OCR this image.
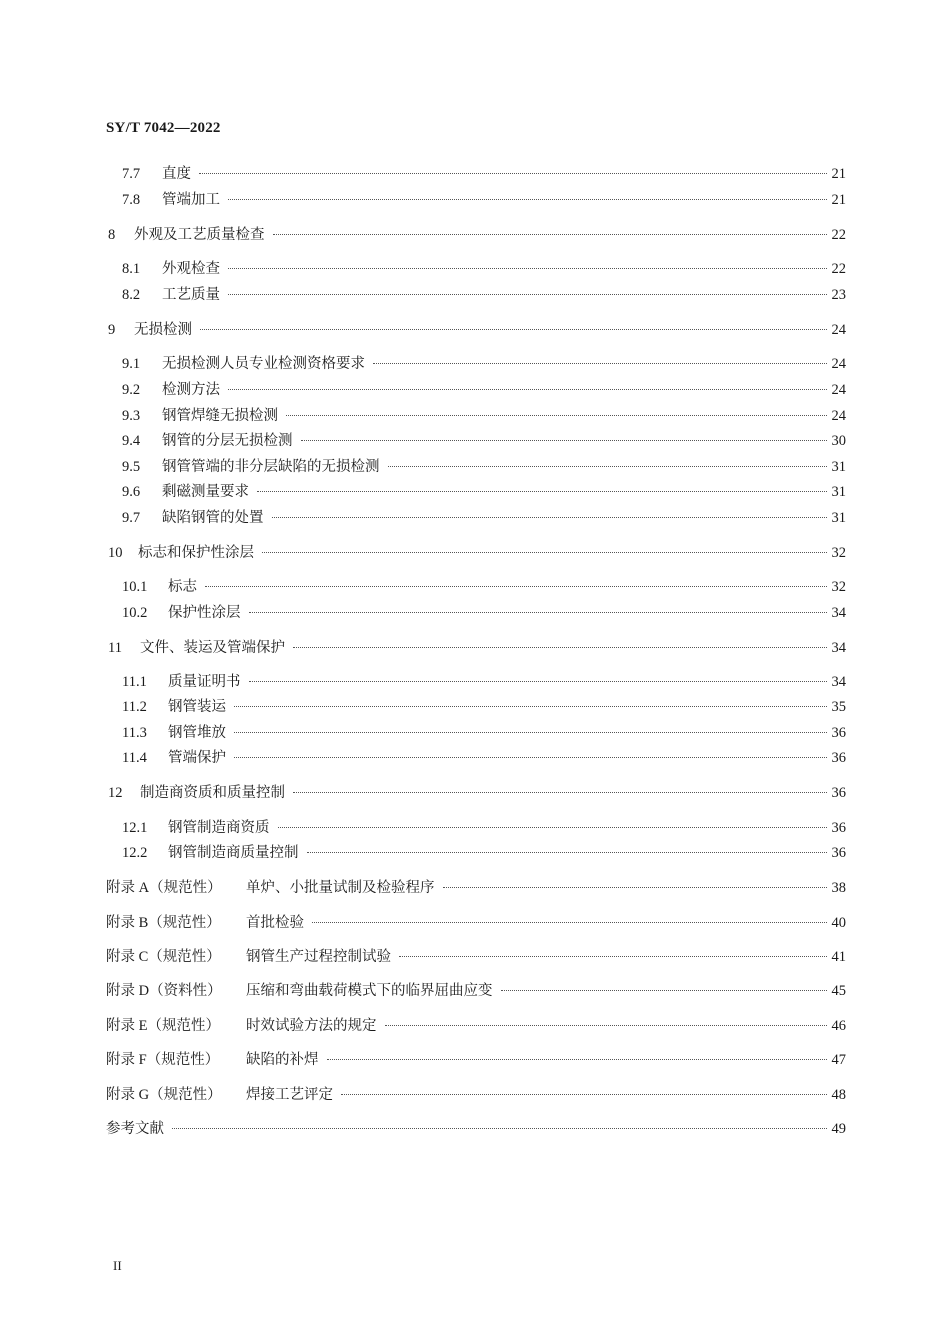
SY/T 7042—2022
7.7	直度	21
7.8	管端加工	21
8	外观及工艺质量检查	22
8.1	外观检查	22
8.2	工艺质量	23
9	无损检测	24
9.1	无损检测人员专业检测资格要求	24
9.2	检测方法	24
9.3	钢管焊缝无损检测	24
9.4	钢管的分层无损检测	30
9.5	钢管管端的非分层缺陷的无损检测	31
9.6	剩磁测量要求	31
9.7	缺陷钢管的处置	31
10	标志和保护性涂层	32
10.1	标志	32
10.2	保护性涂层	34
11	文件、装运及管端保护	34
11.1	质量证明书	34
11.2	钢管装运	35
11.3	钢管堆放	36
11.4	管端保护	36
12	制造商资质和质量控制	36
12.1	钢管制造商资质	36
12.2	钢管制造商质量控制	36
附录 A（规范性）	单炉、小批量试制及检验程序	38
附录 B（规范性）	首批检验	40
附录 C（规范性）	钢管生产过程控制试验	41
附录 D（资料性）	压缩和弯曲载荷模式下的临界屈曲应变	45
附录 E（规范性）	时效试验方法的规定	46
附录 F（规范性）	缺陷的补焊	47
附录 G（规范性）	焊接工艺评定	48
参考文献	49
II
